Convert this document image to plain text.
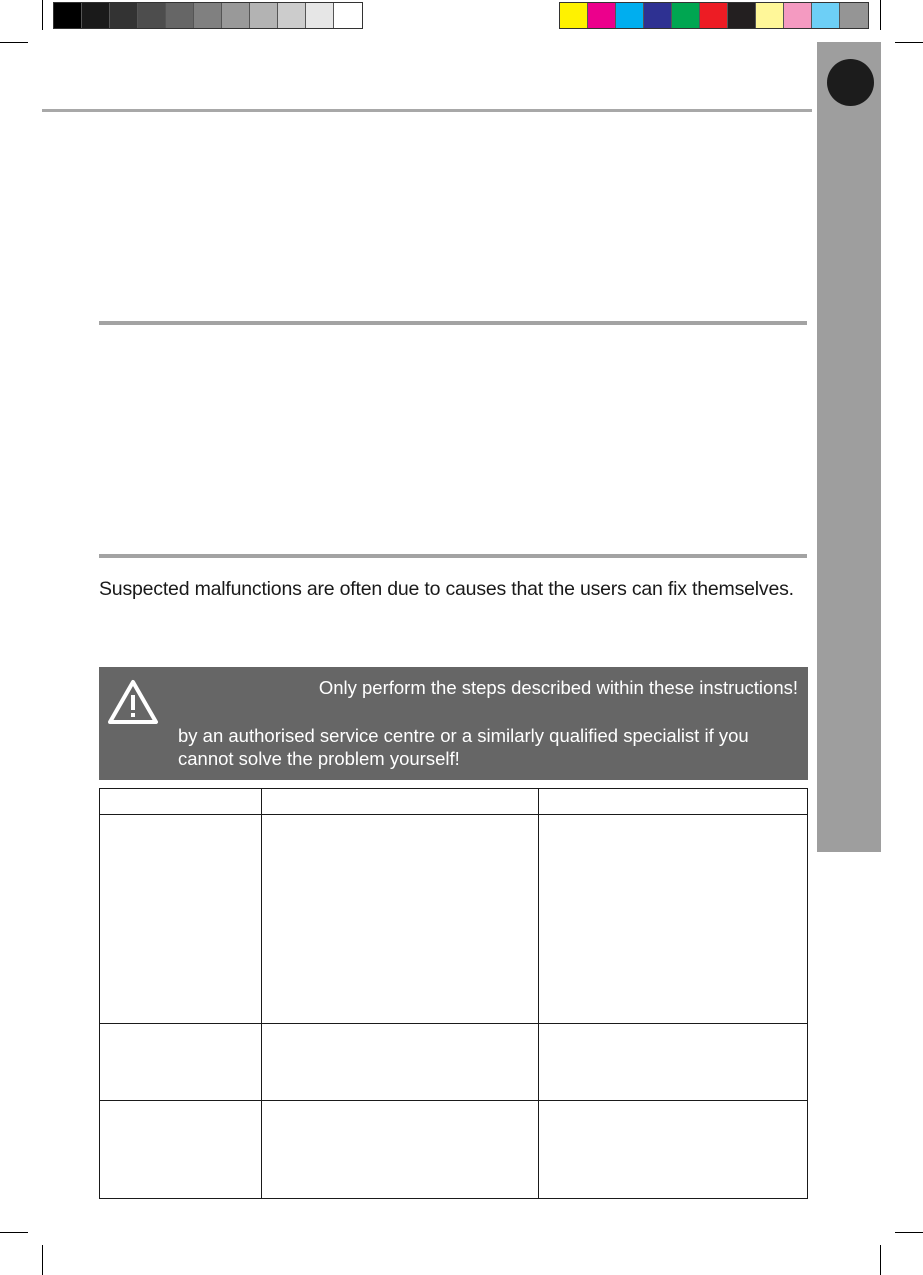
Suspected malfunctions are often due to causes that the users can fix themselves.
Only perform the steps described within these instructions!
by an authorised service centre or a similarly qualified specialist if you
cannot solve the problem yourself!
